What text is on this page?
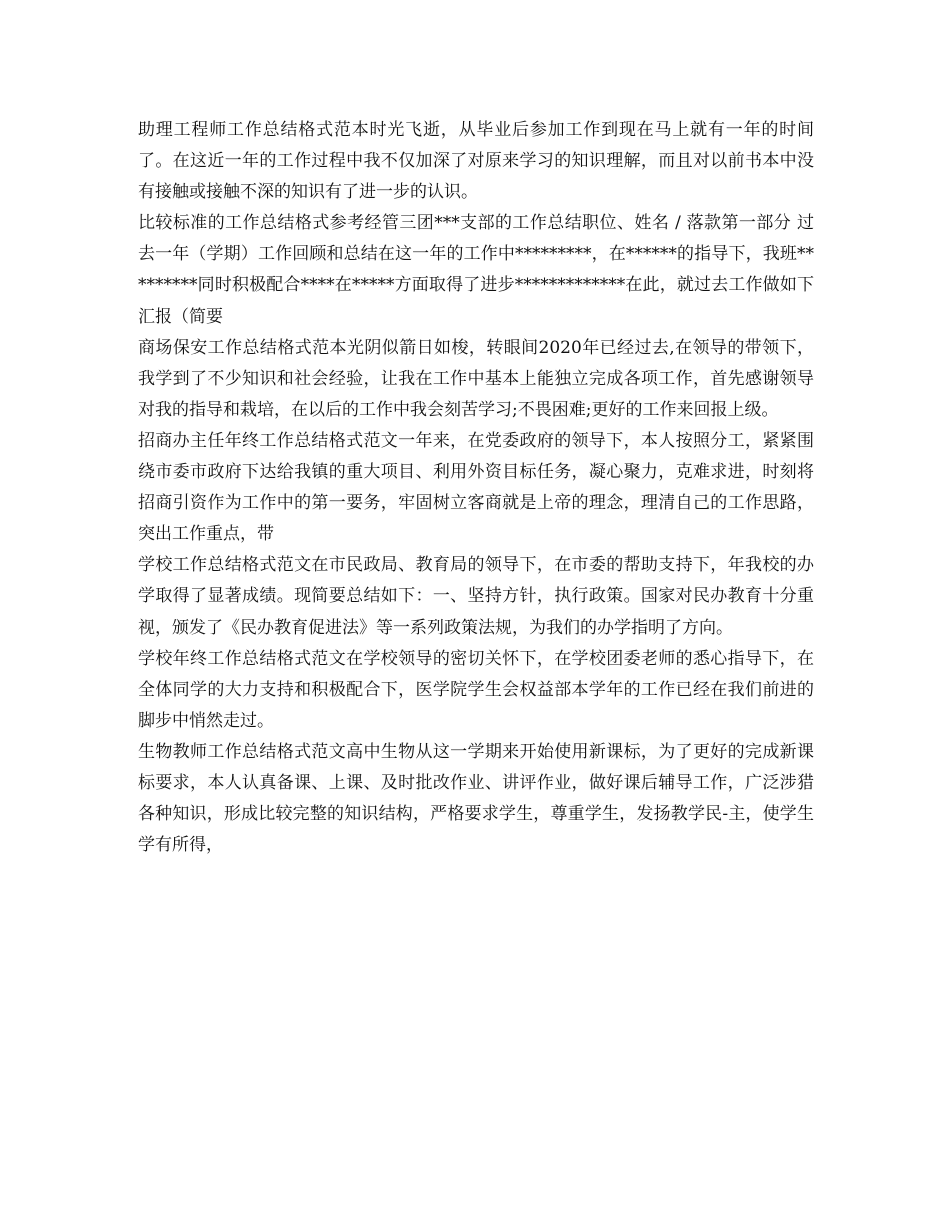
助理工程师工作总结格式范本时光飞逝，从毕业后参加工作到现在马上就有一年的时间了。在这近一年的工作过程中我不仅加深了对原来学习的知识理解，而且对以前书本中没有接触或接触不深的知识有了进一步的认识。

比较标准的工作总结格式参考经管三团***支部的工作总结职位、姓名 / 落款第一部分 过去一年（学期）工作回顾和总结在这一年的工作中*********，在******的指导下，我班*********同时积极配合****在*****方面取得了进步*************在此，就过去工作做如下汇报（简要

商场保安工作总结格式范本光阴似箭日如梭，转眼间2020年已经过去,在领导的带领下，我学到了不少知识和社会经验，让我在工作中基本上能独立完成各项工作，首先感谢领导对我的指导和栽培，在以后的工作中我会刻苦学习;不畏困难;更好的工作来回报上级。

招商办主任年终工作总结格式范文一年来，在党委政府的领导下，本人按照分工，紧紧围绕市委市政府下达给我镇的重大项目、利用外资目标任务，凝心聚力，克难求进，时刻将招商引资作为工作中的第一要务，牢固树立客商就是上帝的理念，理清自己的工作思路，突出工作重点，带

学校工作总结格式范文在市民政局、教育局的领导下，在市委的帮助支持下，年我校的办学取得了显著成绩。现简要总结如下：一、坚持方针，执行政策。国家对民办教育十分重视，颁发了《民办教育促进法》等一系列政策法规，为我们的办学指明了方向。

学校年终工作总结格式范文在学校领导的密切关怀下，在学校团委老师的悉心指导下，在全体同学的大力支持和积极配合下，医学院学生会权益部本学年的工作已经在我们前进的脚步中悄然走过。

生物教师工作总结格式范文高中生物从这一学期来开始使用新课标，为了更好的完成新课标要求，本人认真备课、上课、及时批改作业、讲评作业，做好课后辅导工作，广泛涉猎各种知识，形成比较完整的知识结构，严格要求学生，尊重学生，发扬教学民-主，使学生学有所得，
